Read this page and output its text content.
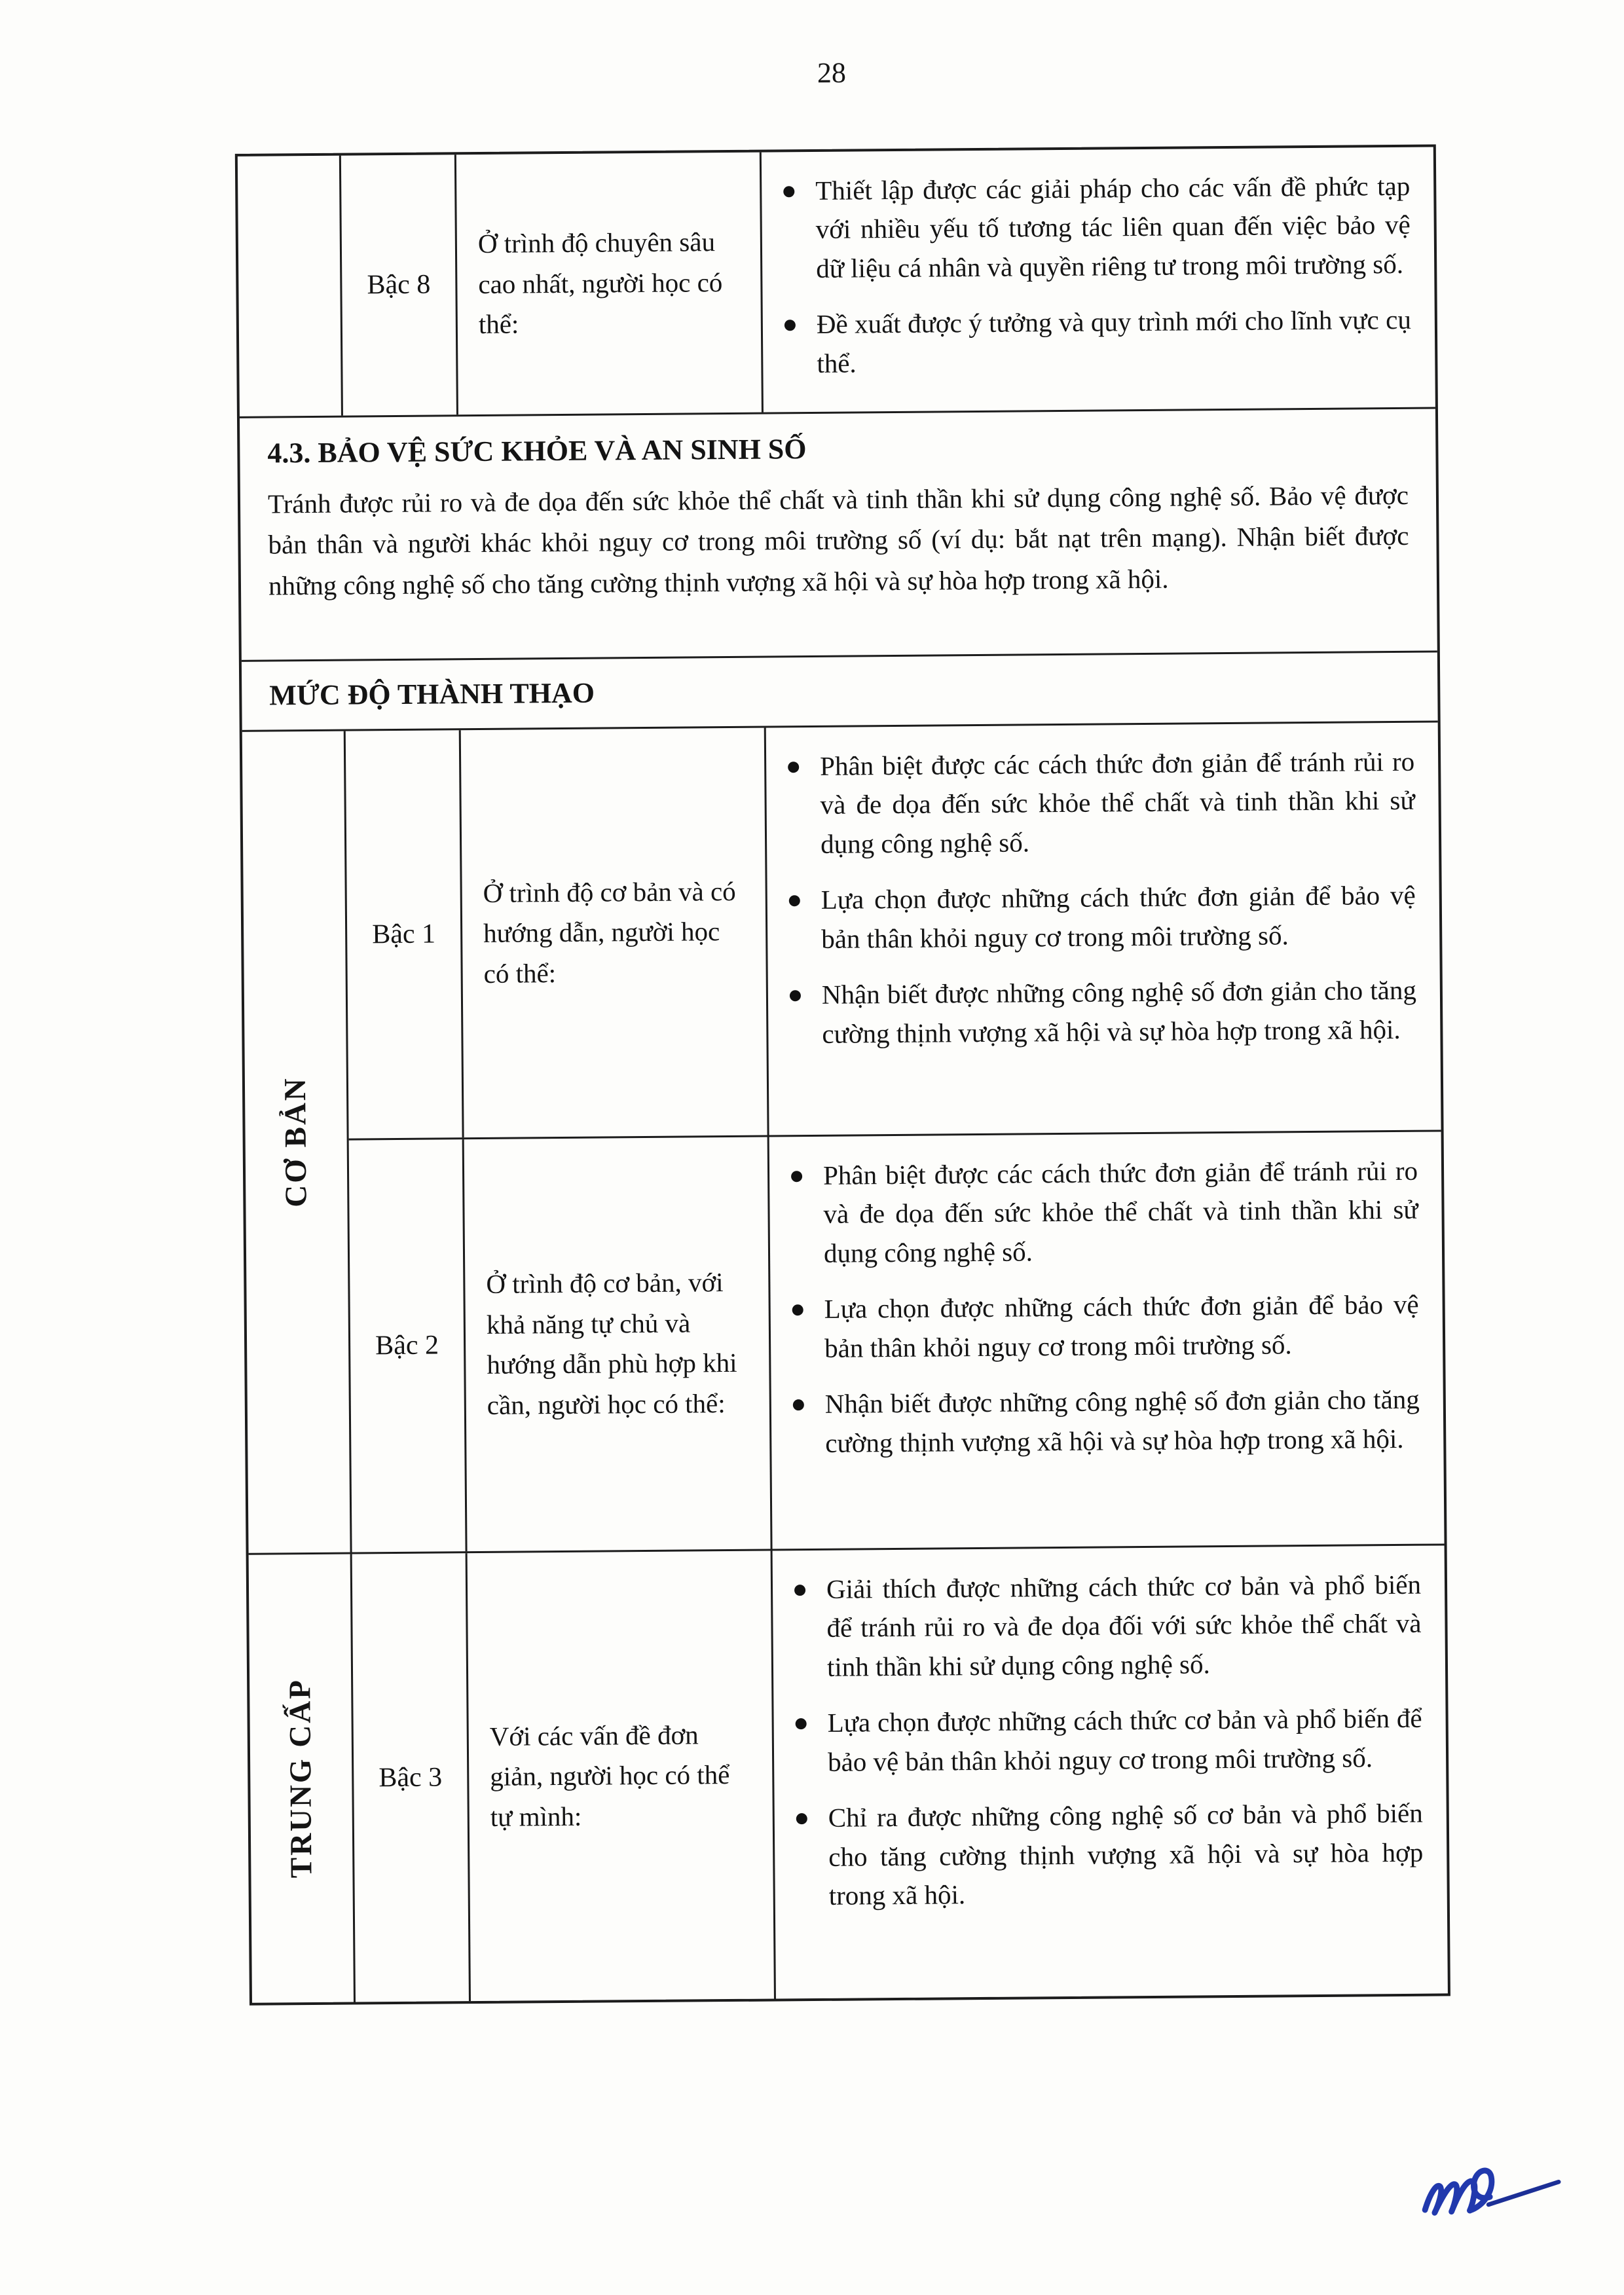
28
Bậc 8
Ở trình độ chuyên sâu cao nhất, người học có thể:
Thiết lập được các giải pháp cho các vấn đề phức tạp với nhiều yếu tố tương tác liên quan đến việc bảo vệ dữ liệu cá nhân và quyền riêng tư trong môi trường số.
Đề xuất được ý tưởng và quy trình mới cho lĩnh vực cụ thể.
4.3. BẢO VỆ SỨC KHỎE VÀ AN SINH SỐ
Tránh được rủi ro và đe dọa đến sức khỏe thể chất và tinh thần khi sử dụng công nghệ số. Bảo vệ được bản thân và người khác khỏi nguy cơ trong môi trường số (ví dụ: bắt nạt trên mạng). Nhận biết được những công nghệ số cho tăng cường thịnh vượng xã hội và sự hòa hợp trong xã hội.
MỨC ĐỘ THÀNH THẠO
CƠ BẢN
Bậc 1
Ở trình độ cơ bản và có hướng dẫn, người học có thể:
Phân biệt được các cách thức đơn giản để tránh rủi ro và đe dọa đến sức khỏe thể chất và tinh thần khi sử dụng công nghệ số.
Lựa chọn được những cách thức đơn giản để bảo vệ bản thân khỏi nguy cơ trong môi trường số.
Nhận biết được những công nghệ số đơn giản cho tăng cường thịnh vượng xã hội và sự hòa hợp trong xã hội.
Bậc 2
Ở trình độ cơ bản, với khả năng tự chủ và hướng dẫn phù hợp khi cần, người học có thể:
Phân biệt được các cách thức đơn giản để tránh rủi ro và đe dọa đến sức khỏe thể chất và tinh thần khi sử dụng công nghệ số.
Lựa chọn được những cách thức đơn giản để bảo vệ bản thân khỏi nguy cơ trong môi trường số.
Nhận biết được những công nghệ số đơn giản cho tăng cường thịnh vượng xã hội và sự hòa hợp trong xã hội.
TRUNG CẤP	Bậc 3
Với các vấn đề đơn giản, người học có thể tự mình:
Giải thích được những cách thức cơ bản và phổ biến để tránh rủi ro và đe dọa đối với sức khỏe thể chất và tinh thần khi sử dụng công nghệ số.
Lựa chọn được những cách thức cơ bản và phổ biến để bảo vệ bản thân khỏi nguy cơ trong môi trường số.
Chỉ ra được những công nghệ số cơ bản và phổ biến cho tăng cường thịnh vượng xã hội và sự hòa hợp trong xã hội.
